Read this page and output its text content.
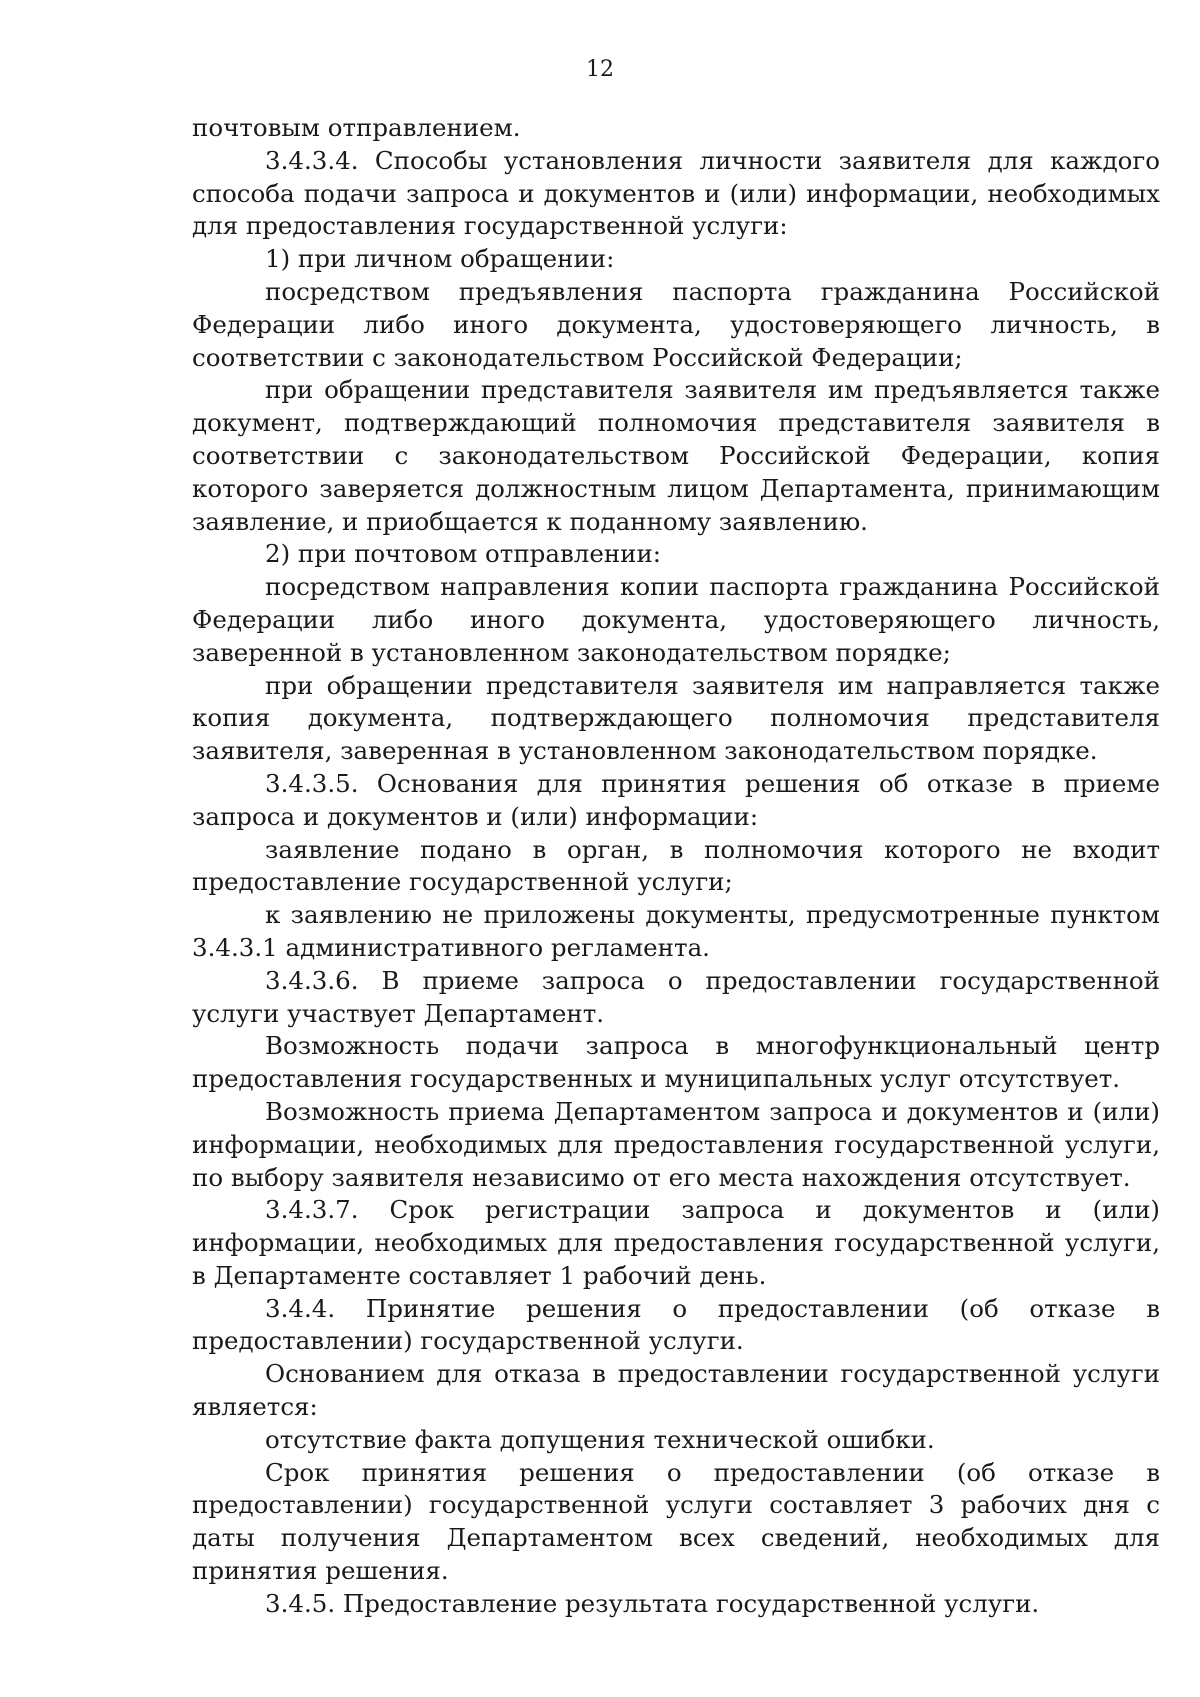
12

почтовым отправлением.

3.4.3.4. Способы установления личности заявителя для каждого способа подачи запроса и документов и (или) информации, необходимых для предоставления государственной услуги:

1) при личном обращении:

посредством предъявления паспорта гражданина Российской Федерации либо иного документа, удостоверяющего личность, в соответствии с законодательством Российской Федерации;

при обращении представителя заявителя им предъявляется также документ, подтверждающий полномочия представителя заявителя в соответствии с законодательством Российской Федерации, копия которого заверяется должностным лицом Департамента, принимающим заявление, и приобщается к поданному заявлению.

2) при почтовом отправлении:

посредством направления копии паспорта гражданина Российской Федерации либо иного документа, удостоверяющего личность, заверенной в установленном законодательством порядке;

при обращении представителя заявителя им направляется также копия документа, подтверждающего полномочия представителя заявителя, заверенная в установленном законодательством порядке.

3.4.3.5. Основания для принятия решения об отказе в приеме запроса и документов и (или) информации:

заявление подано в орган, в полномочия которого не входит предоставление государственной услуги;

к заявлению не приложены документы, предусмотренные пунктом 3.4.3.1 административного регламента.

3.4.3.6. В приеме запроса о предоставлении государственной услуги участвует Департамент.

Возможность подачи запроса в многофункциональный центр предоставления государственных и муниципальных услуг отсутствует.

Возможность приема Департаментом запроса и документов и (или) информации, необходимых для предоставления государственной услуги, по выбору заявителя независимо от его места нахождения отсутствует.

3.4.3.7. Срок регистрации запроса и документов и (или) информации, необходимых для предоставления государственной услуги, в Департаменте составляет 1 рабочий день.

3.4.4. Принятие решения о предоставлении (об отказе в предоставлении) государственной услуги.

Основанием для отказа в предоставлении государственной услуги является:

отсутствие факта допущения технической ошибки.

Срок принятия решения о предоставлении (об отказе в предоставлении) государственной услуги составляет 3 рабочих дня с даты получения Департаментом всех сведений, необходимых для принятия решения.

3.4.5. Предоставление результата государственной услуги.
